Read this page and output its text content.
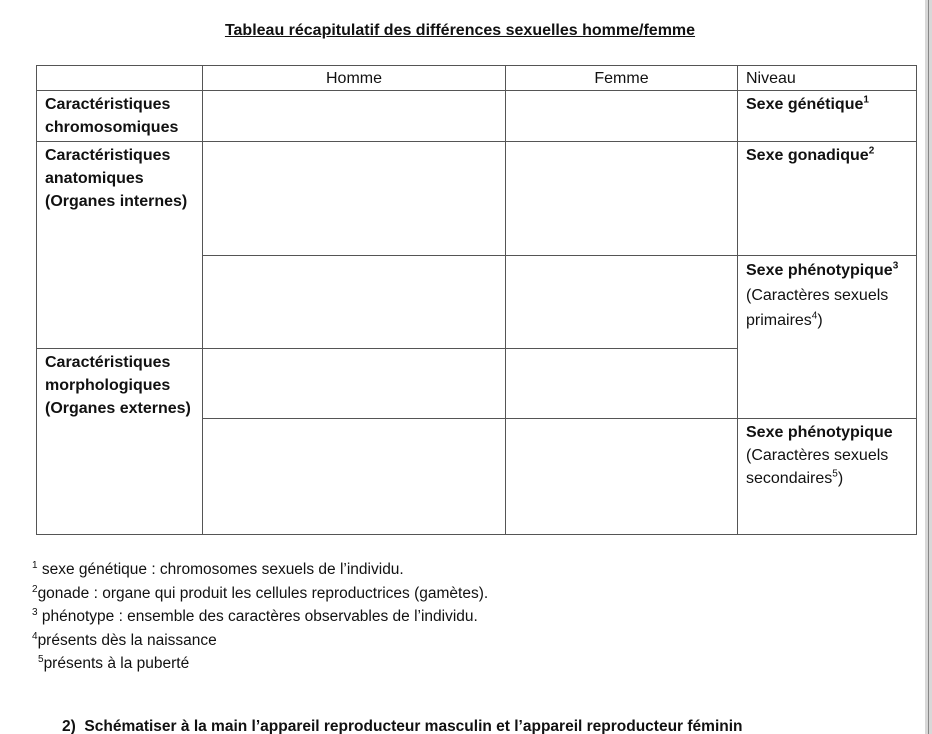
Tableau récapitulatif des différences sexuelles homme/femme
	Homme	Femme	Niveau
Caractéristiques
chromosomiques			Sexe génétique$^1$
Caractéristiques
anatomiques
(Organes internes)			Sexe gonadique$^2$
			Sexe phénotypique$^3$
(Caractères sexuels
primaires$^4$)
Caractéristiques
morphologiques
(Organes externes)			
			Sexe phénotypique
(Caractères sexuels
secondaires$^5$)
$^1$ sexe génétique : chromosomes sexuels de l’individu.
$^2$gonade : organe qui produit les cellules reproductrices (gamètes).
$^3$ phénotype : ensemble des caractères observables de l’individu.
$^4$présents dès la naissance
$^5$présents à la puberté
2)  Schématiser à la main l’appareil reproducteur masculin et l’appareil reproducteur féminin
